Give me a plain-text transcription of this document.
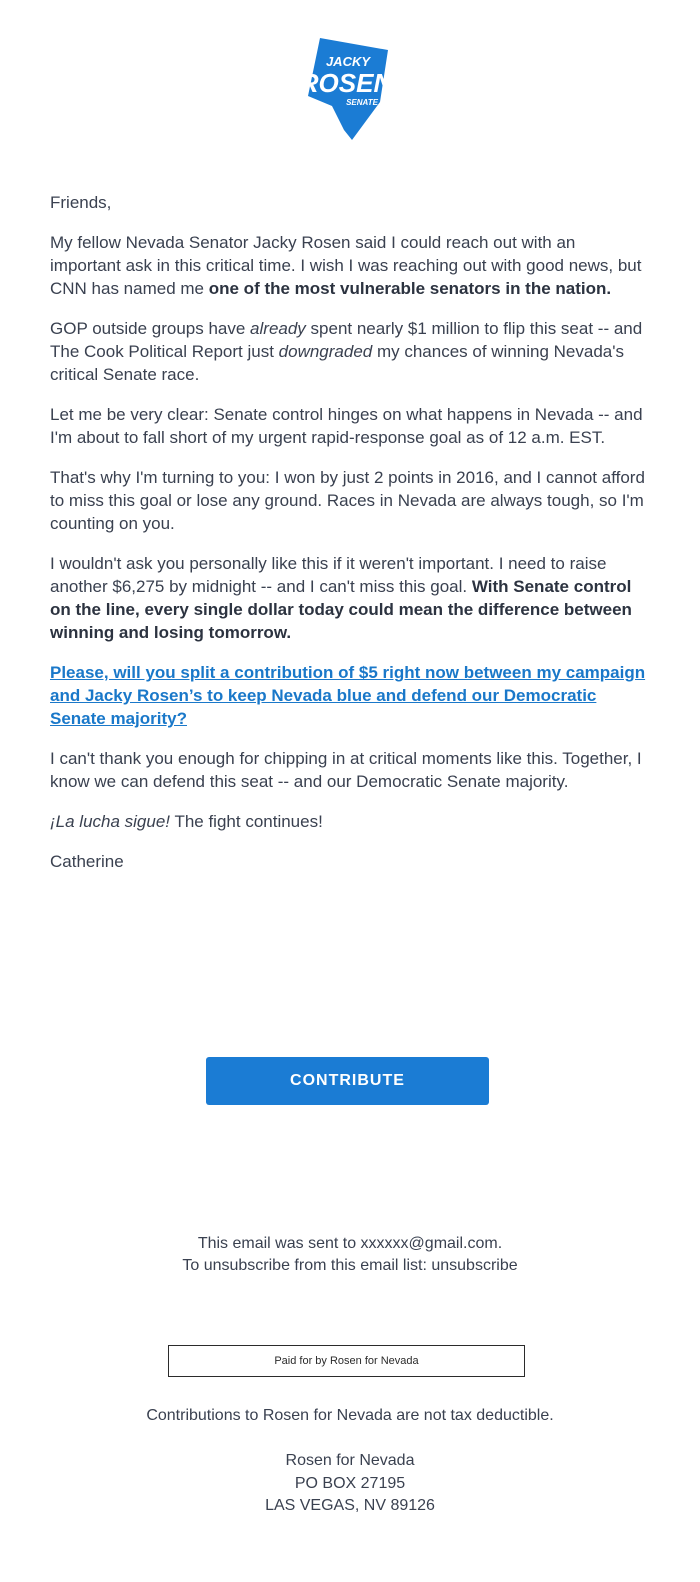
JACKY
ROSEN
SENATE

Friends,

My fellow Nevada Senator Jacky Rosen said I could reach out with an important ask in this critical time. I wish I was reaching out with good news, but CNN has named me one of the most vulnerable senators in the nation.

GOP outside groups have already spent nearly $1 million to flip this seat -- and The Cook Political Report just downgraded my chances of winning Nevada's critical Senate race.

Let me be very clear: Senate control hinges on what happens in Nevada -- and I'm about to fall short of my urgent rapid-response goal as of 12 a.m. EST.

That's why I'm turning to you: I won by just 2 points in 2016, and I cannot afford to miss this goal or lose any ground. Races in Nevada are always tough, so I'm counting on you.

I wouldn't ask you personally like this if it weren't important. I need to raise another $6,275 by midnight -- and I can't miss this goal. With Senate control on the line, every single dollar today could mean the difference between winning and losing tomorrow.

Please, will you split a contribution of $5 right now between my campaign and Jacky Rosen’s to keep Nevada blue and defend our Democratic Senate majority?

I can't thank you enough for chipping in at critical moments like this. Together, I know we can defend this seat -- and our Democratic Senate majority.

¡La lucha sigue! The fight continues!

Catherine

CONTRIBUTE
This email was sent to xxxxxx@gmail.com.
To unsubscribe from this email list: unsubscribe
Paid for by Rosen for Nevada
Contributions to Rosen for Nevada are not tax deductible.
Rosen for Nevada
PO BOX 27195
LAS VEGAS, NV 89126
